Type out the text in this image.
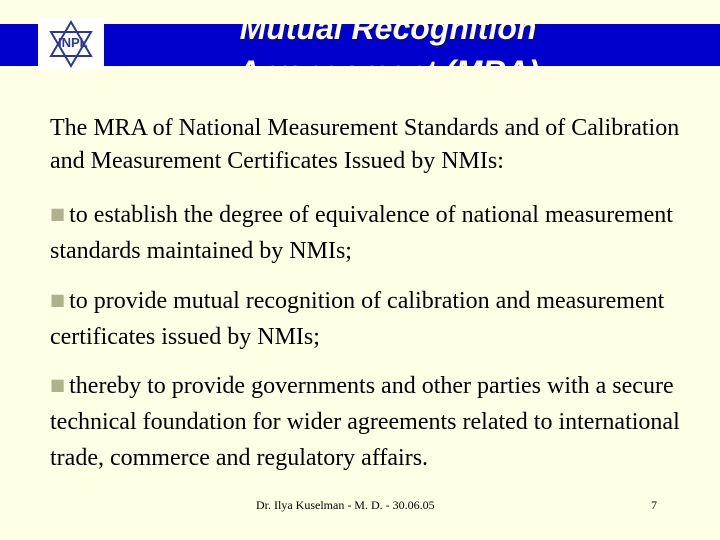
Mutual Recognition Arrangement (MRA)
INPL
The MRA of National Measurement Standards and of Calibration and Measurement Certificates Issued by NMIs:
■ to establish the degree of equivalence of national measurement standards maintained by NMIs;
■ to provide mutual recognition of calibration and measurement certificates issued by NMIs;
■ thereby to provide governments and other parties with a secure technical foundation for wider agreements related to international trade, commerce and regulatory affairs.
Dr. Ilya Kuselman - M. D. - 30.06.05	7
